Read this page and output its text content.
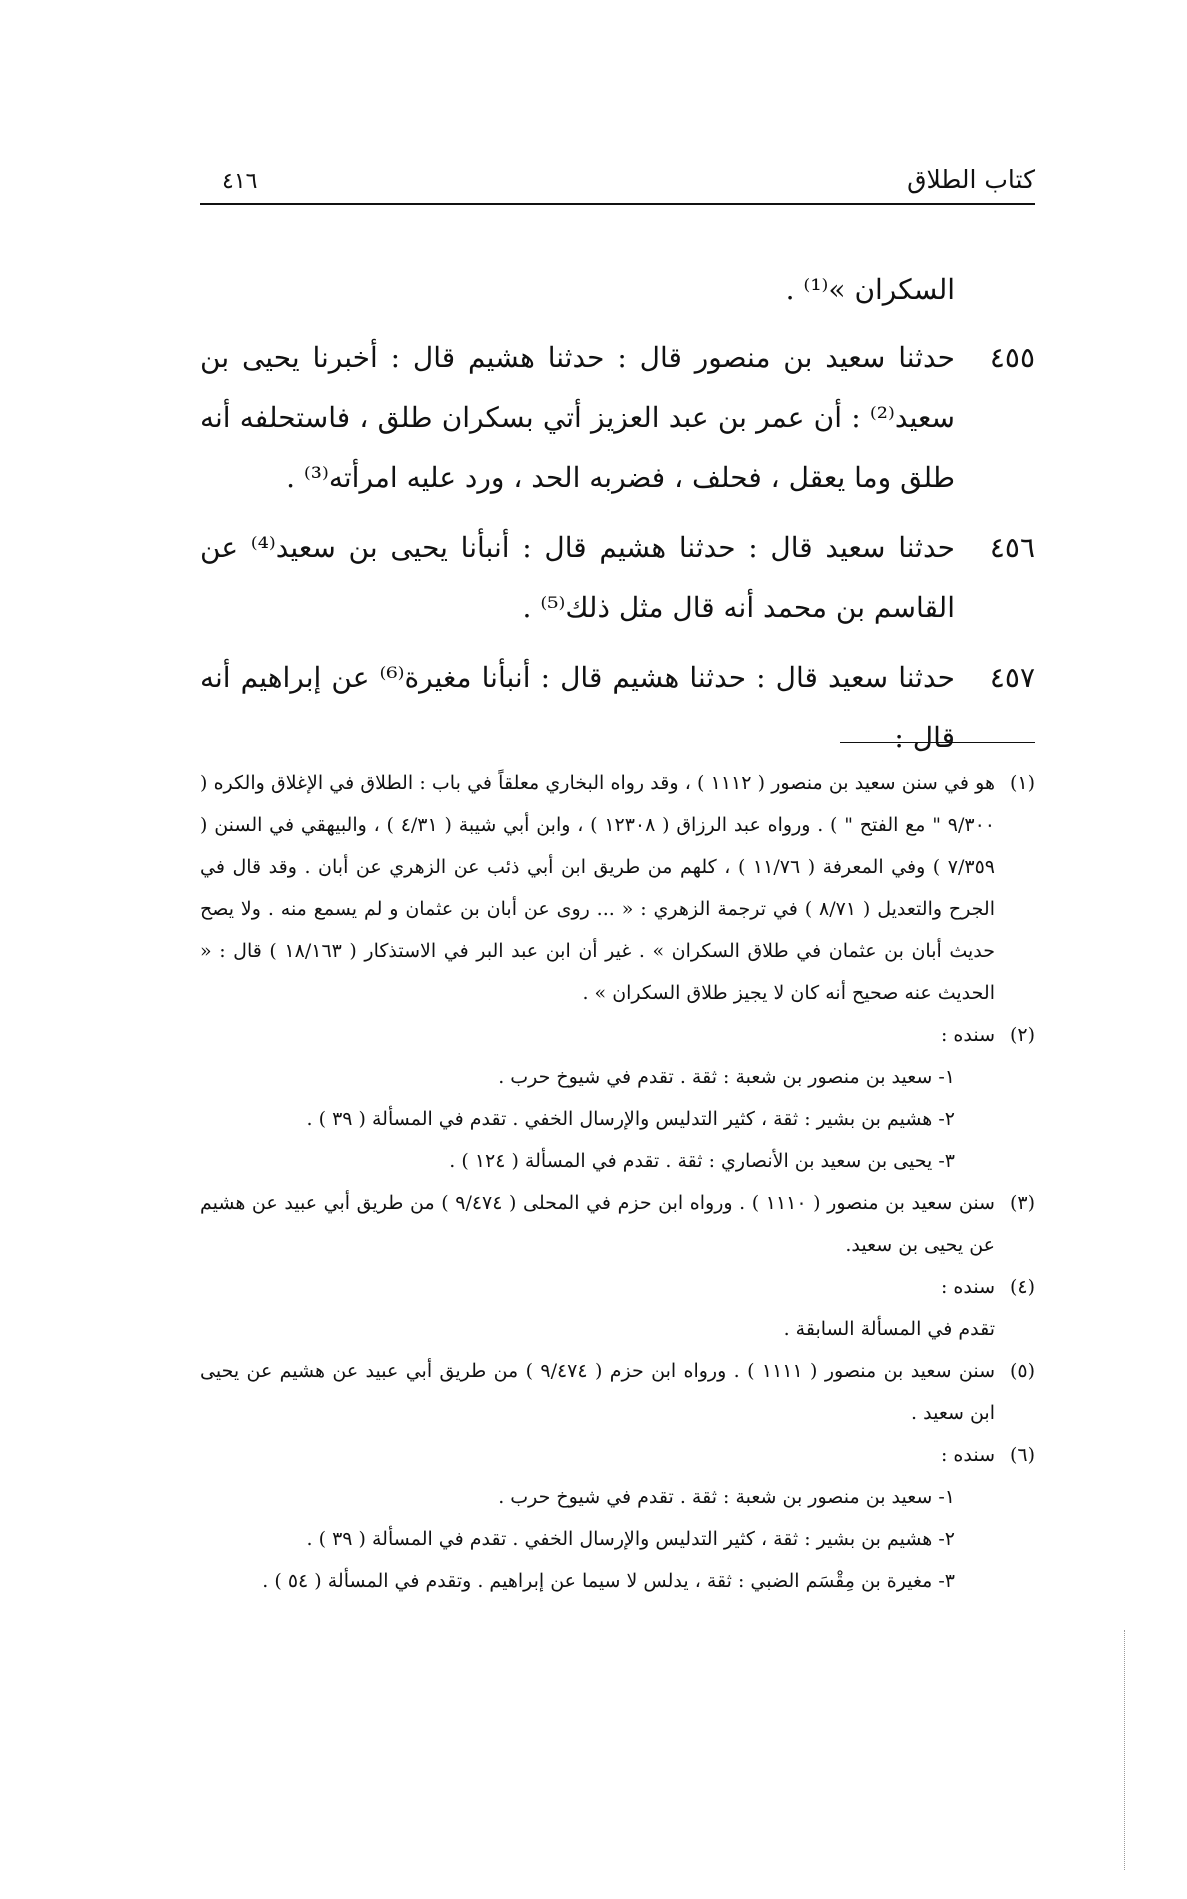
كتاب الطلاق
٤١٦
السكران »⁽¹⁾ .
٤٥٥
حدثنا سعيد بن منصور قال : حدثنا هشيم قال : أخبرنا يحيى بن سعيد⁽²⁾ : أن عمر بن عبد العزيز أتي بسكران طلق ، فاستحلفه أنه طلق وما يعقل ، فحلف ، فضربه الحد ، ورد عليه امرأته⁽³⁾ .
٤٥٦
حدثنا سعيد قال : حدثنا هشيم قال : أنبأنا يحيى بن سعيد⁽⁴⁾ عن القاسم بن محمد أنه قال مثل ذلك⁽⁵⁾ .
٤٥٧
حدثنا سعيد قال : حدثنا هشيم قال : أنبأنا مغيرة⁽⁶⁾ عن إبراهيم أنه قال :
(١)
هو في سنن سعيد بن منصور ( ١١١٢ ) ، وقد رواه البخاري معلقاً في باب : الطلاق في الإغلاق والكره ( ٩/٣٠٠ " مع الفتح " ) . ورواه عبد الرزاق ( ١٢٣٠٨ ) ، وابن أبي شيبة ( ٤/٣١ ) ، والبيهقي في السنن ( ٧/٣٥٩ ) وفي المعرفة ( ١١/٧٦ ) ، كلهم من طريق ابن أبي ذئب عن الزهري عن أبان . وقد قال في الجرح والتعديل ( ٨/٧١ ) في ترجمة الزهري : « ... روى عن أبان بن عثمان و لم يسمع منه . ولا يصح حديث أبان بن عثمان في طلاق السكران » . غير أن ابن عبد البر في الاستذكار ( ١٨/١٦٣ ) قال : « الحديث عنه صحيح أنه كان لا يجيز طلاق السكران » .
(٢)
سنده :
١- سعيد بن منصور بن شعبة : ثقة . تقدم في شيوخ حرب .
٢- هشيم بن بشير : ثقة ، كثير التدليس والإرسال الخفي . تقدم في المسألة ( ٣٩ ) .
٣- يحيى بن سعيد بن الأنصاري : ثقة . تقدم في المسألة ( ١٢٤ ) .
(٣)
سنن سعيد بن منصور ( ١١١٠ ) . ورواه ابن حزم في المحلى ( ٩/٤٧٤ ) من طريق أبي عبيد عن هشيم عن يحيى بن سعيد.
(٤)
سنده :
تقدم في المسألة السابقة .
(٥)
سنن سعيد بن منصور ( ١١١١ ) . ورواه ابن حزم ( ٩/٤٧٤ ) من طريق أبي عبيد عن هشيم عن يحيى ابن سعيد .
(٦)
سنده :
١- سعيد بن منصور بن شعبة : ثقة . تقدم في شيوخ حرب .
٢- هشيم بن بشير : ثقة ، كثير التدليس والإرسال الخفي . تقدم في المسألة ( ٣٩ ) .
٣- مغيرة بن مِقْسَم الضبي : ثقة ، يدلس لا سيما عن إبراهيم . وتقدم في المسألة ( ٥٤ ) .
